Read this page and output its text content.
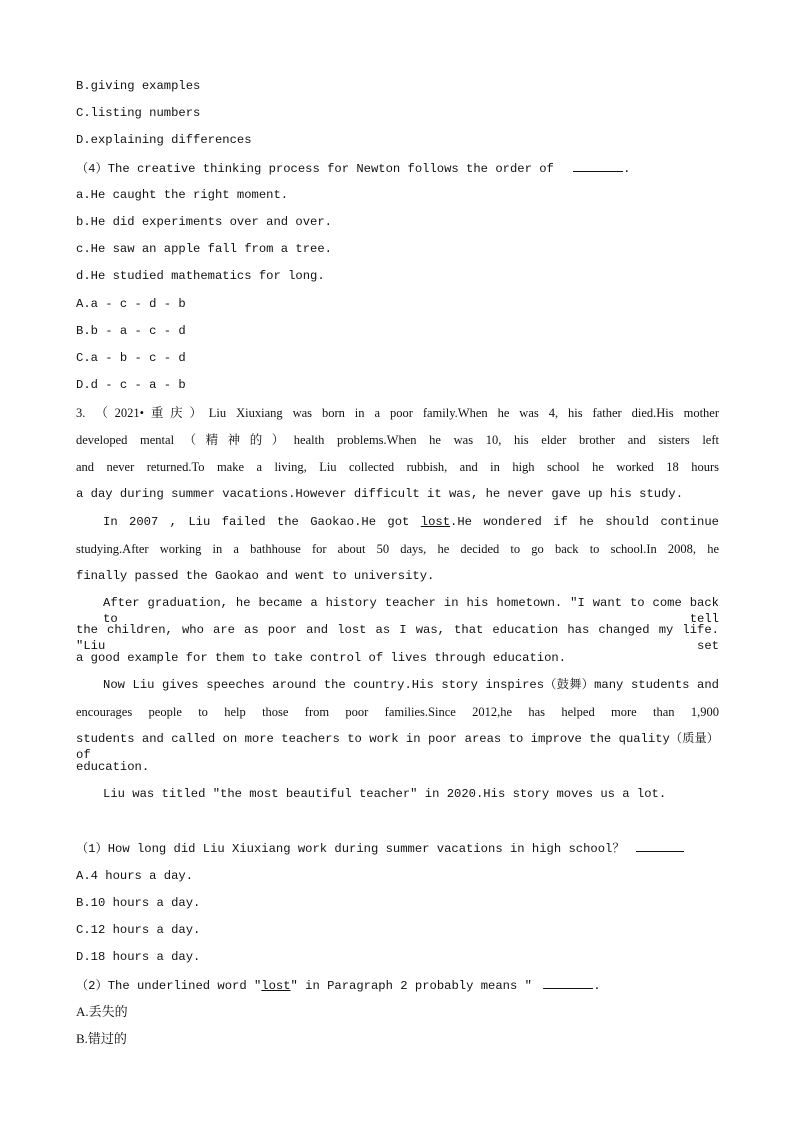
B.giving examples
C.listing numbers
D.explaining differences
（4）The creative thinking process for Newton follows the order of	.
a.He caught the right moment.
b.He did experiments over and over.
c.He saw an apple fall from a tree.
d.He studied mathematics for long.
A.a - c - d - b
B.b - a - c - d
C.a - b - c - d
D.d - c - a - b
3. （2021•重庆）Liu Xiuxiang was born in a poor family.When he was 4, his father died.His mother
developed mental（精神的）health problems.When he was 10, his elder brother and sisters left
and never returned.To make a living, Liu collected rubbish, and in high school he worked 18 hours
a day during summer vacations.However difficult it was, he never gave up his study.
In 2007 , Liu failed the Gaokao.He got lost.He wondered if he should continue
studying.After working in a bathhouse for about 50 days, he decided to go back to school.In 2008, he
finally passed the Gaokao and went to university.
After graduation, he became a history teacher in his hometown. "I want to come back to tell
the children, who are as poor and lost as I was, that education has changed my life. "Liu set
a good example for them to take control of lives through education.
Now Liu gives speeches around the country.His story inspires（鼓舞）many students and
encourages people to help those from poor families.Since 2012,he has helped more than 1,900
students and called on more teachers to work in poor areas to improve the quality（质量）of
education.
Liu was titled "the most beautiful teacher" in 2020.His story moves us a lot.
（1）How long did Liu Xiuxiang work during summer vacations in high school？
A.4 hours a day.
B.10 hours a day.
C.12 hours a day.
D.18 hours a day.
（2）The underlined word "lost" in Paragraph 2 probably means "	.
A.丢失的
B.错过的
